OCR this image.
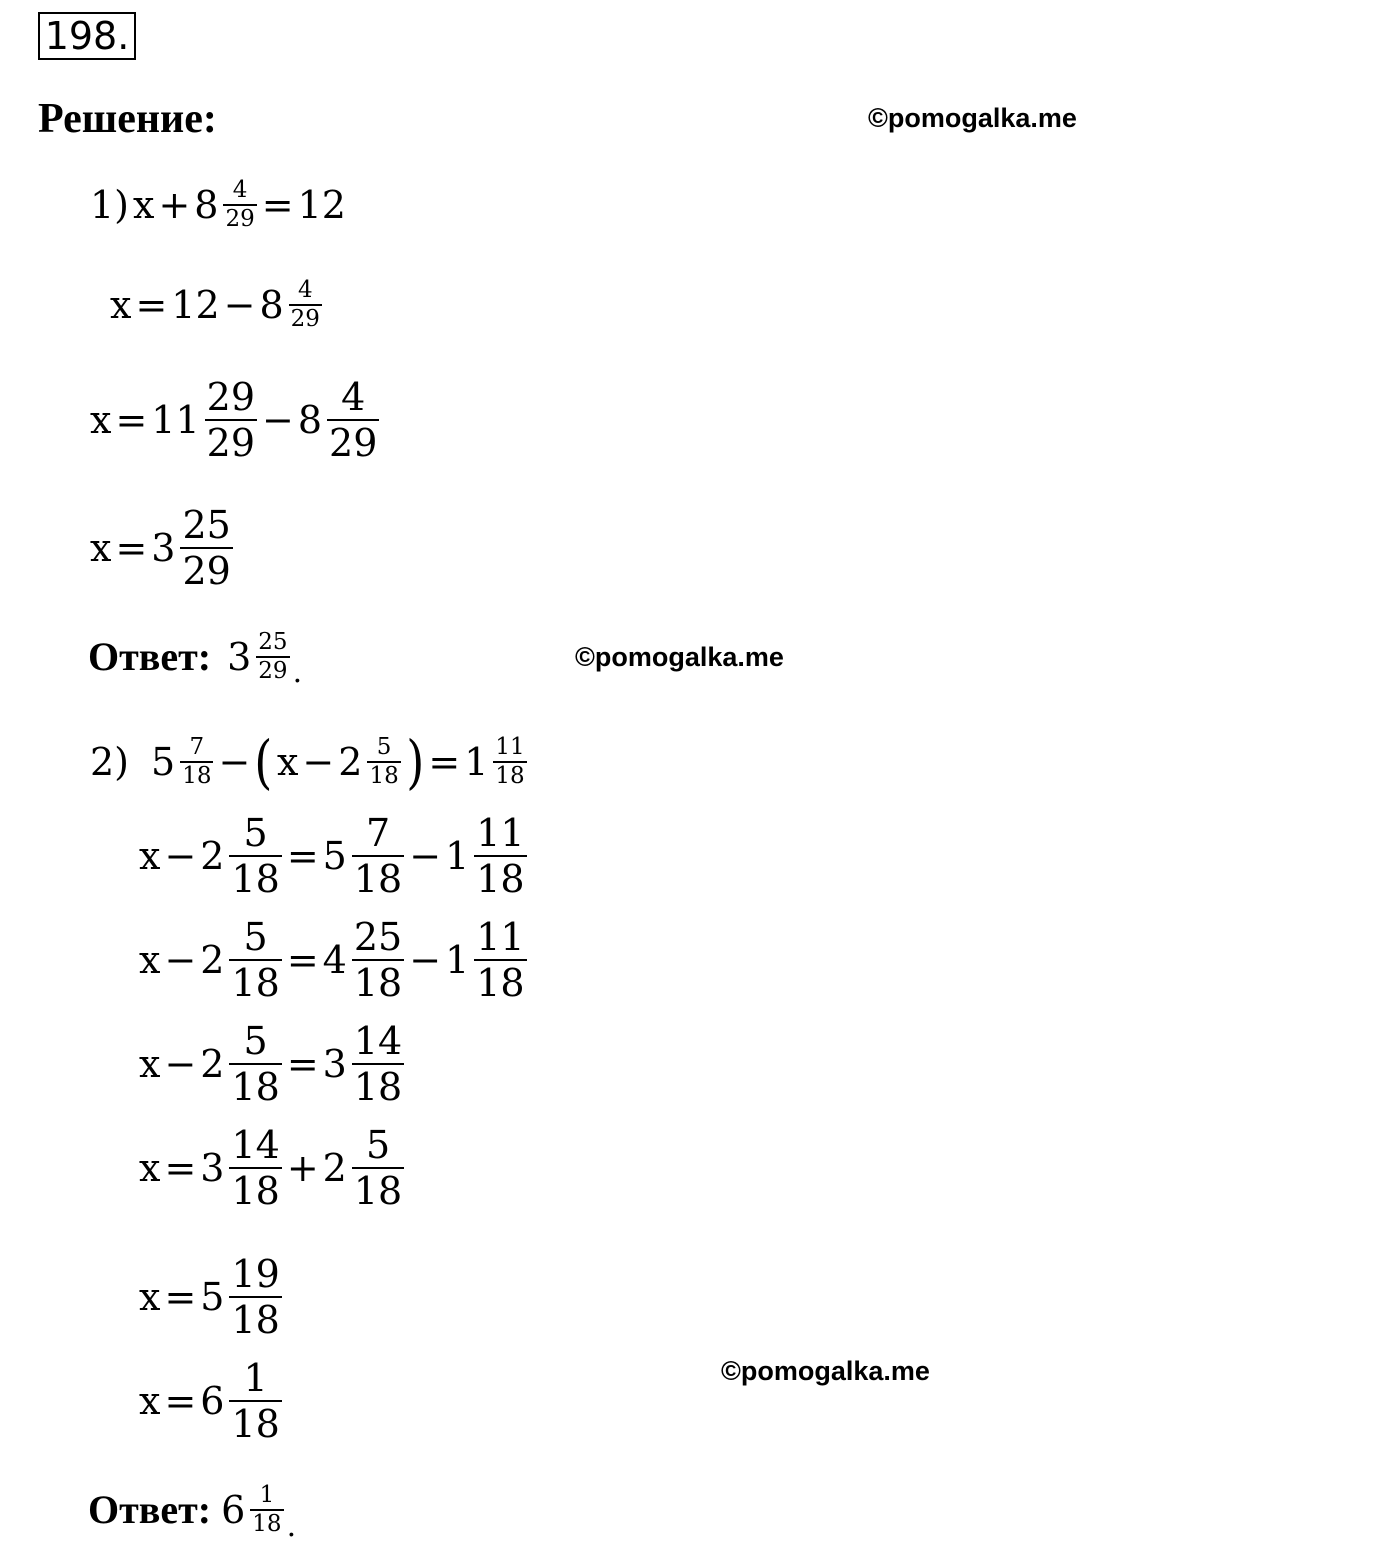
198.
Решение:	©pomogalka.me
©pomogalka.me
©pomogalka.me
1) $x + 8 \frac{4}{29} = 12$
$x = 12 - 8 \frac{4}{29}$
$x = 11 \frac{29}{29} - 8 \frac{4}{29}$
$x = 3 \frac{25}{29}$
Ответ: $3 \frac{25}{29}$ .
2) $5 \frac{7}{18}$ − ( $x - 2 \frac{5}{18}$ ) = $1 \frac{11}{18}$
$x - 2 \frac{5}{18} = 5 \frac{7}{18} - 1 \frac{11}{18}$
$x - 2 \frac{5}{18} = 4 \frac{25}{18} - 1 \frac{11}{18}$
$x - 2 \frac{5}{18} = 3 \frac{14}{18}$
$x = 3 \frac{14}{18} + 2 \frac{5}{18}$
$x = 5 \frac{19}{18}$
$x = 6 \frac{1}{18}$
Ответ: $6 \frac{1}{18}$ .
